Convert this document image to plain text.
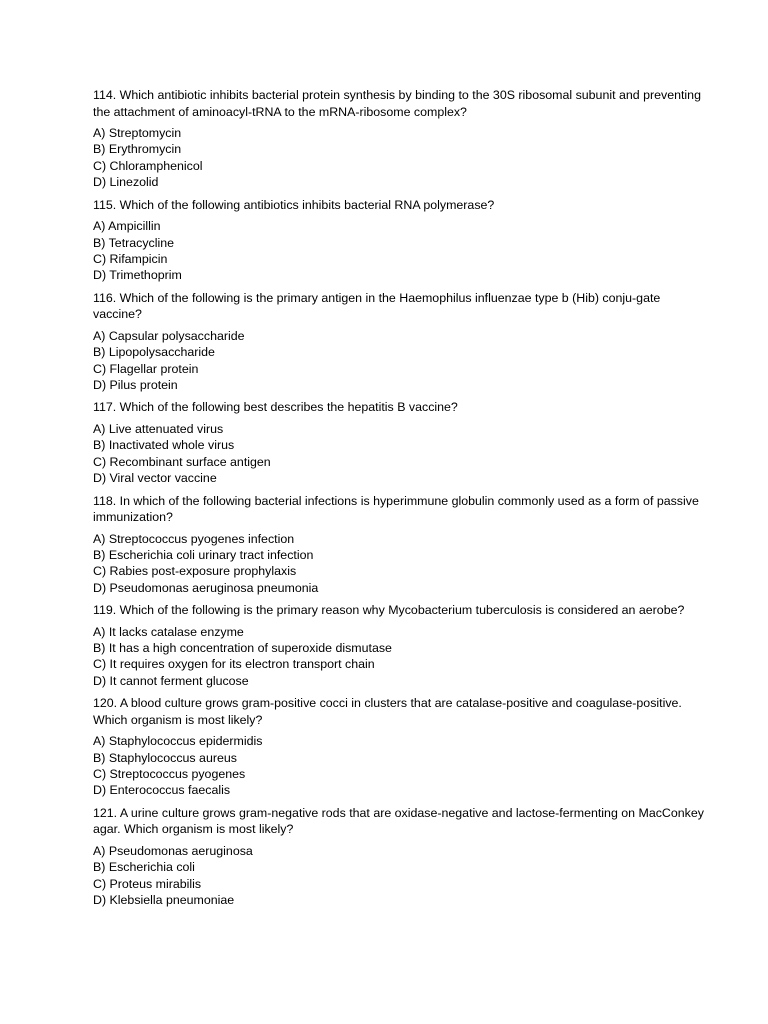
114. Which antibiotic inhibits bacterial protein synthesis by binding to the 30S ribosomal subunit and preventing the attachment of aminoacyl-tRNA to the mRNA-ribosome complex?

A) Streptomycin
B) Erythromycin
C) Chloramphenicol
D) Linezolid

115. Which of the following antibiotics inhibits bacterial RNA polymerase?

A) Ampicillin
B) Tetracycline
C) Rifampicin
D) Trimethoprim

116. Which of the following is the primary antigen in the Haemophilus influenzae type b (Hib) conju-gate vaccine?

A) Capsular polysaccharide
B) Lipopolysaccharide
C) Flagellar protein
D) Pilus protein

117. Which of the following best describes the hepatitis B vaccine?

A) Live attenuated virus
B) Inactivated whole virus
C) Recombinant surface antigen
D) Viral vector vaccine

118. In which of the following bacterial infections is hyperimmune globulin commonly used as a form of passive immunization?

A) Streptococcus pyogenes infection
B) Escherichia coli urinary tract infection
C) Rabies post-exposure prophylaxis
D) Pseudomonas aeruginosa pneumonia

119. Which of the following is the primary reason why Mycobacterium tuberculosis is considered an aerobe?

A) It lacks catalase enzyme
B) It has a high concentration of superoxide dismutase
C) It requires oxygen for its electron transport chain
D) It cannot ferment glucose

120. A blood culture grows gram-positive cocci in clusters that are catalase-positive and coagulase-positive. Which organism is most likely?

A) Staphylococcus epidermidis
B) Staphylococcus aureus
C) Streptococcus pyogenes
D) Enterococcus faecalis

121. A urine culture grows gram-negative rods that are oxidase-negative and lactose-fermenting on MacConkey agar. Which organism is most likely?

A) Pseudomonas aeruginosa
B) Escherichia coli
C) Proteus mirabilis
D) Klebsiella pneumoniae
